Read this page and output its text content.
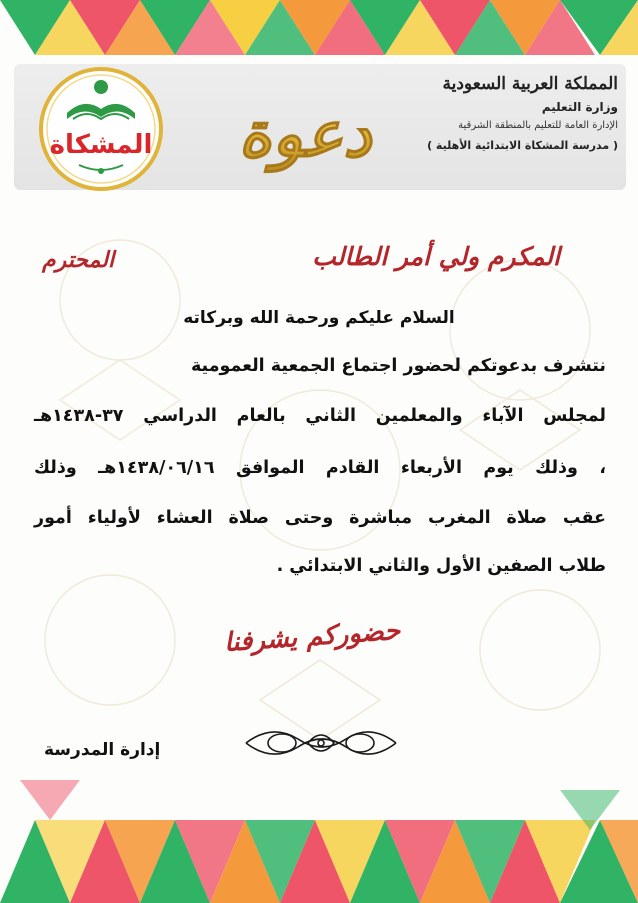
المشكاة دعوة
المملكة العربية السعودية
وزارة التعليم
الإدارة العامة للتعليم بالمنطقة الشرقية
( مدرسة المشكاة الابتدائية الأهلية )
المكرم ولي أمر الطالب
المحترم
السلام عليكم ورحمة الله وبركاته
نتشرف بدعوتكم لحضور اجتماع الجمعية العمومية
لمجلس الآباء والمعلمين الثاني بالعام الدراسي ٣٧-١٤٣٨هـ
، وذلك يوم الأربعاء القادم الموافق ١٤٣٨/٠٦/١٦هـ وذلك
عقب صلاة المغرب مباشرة وحتى صلاة العشاء لأولياء أمور
طلاب الصفين الأول والثاني الابتدائي .
حضوركم يشرفنا
إدارة المدرسة
